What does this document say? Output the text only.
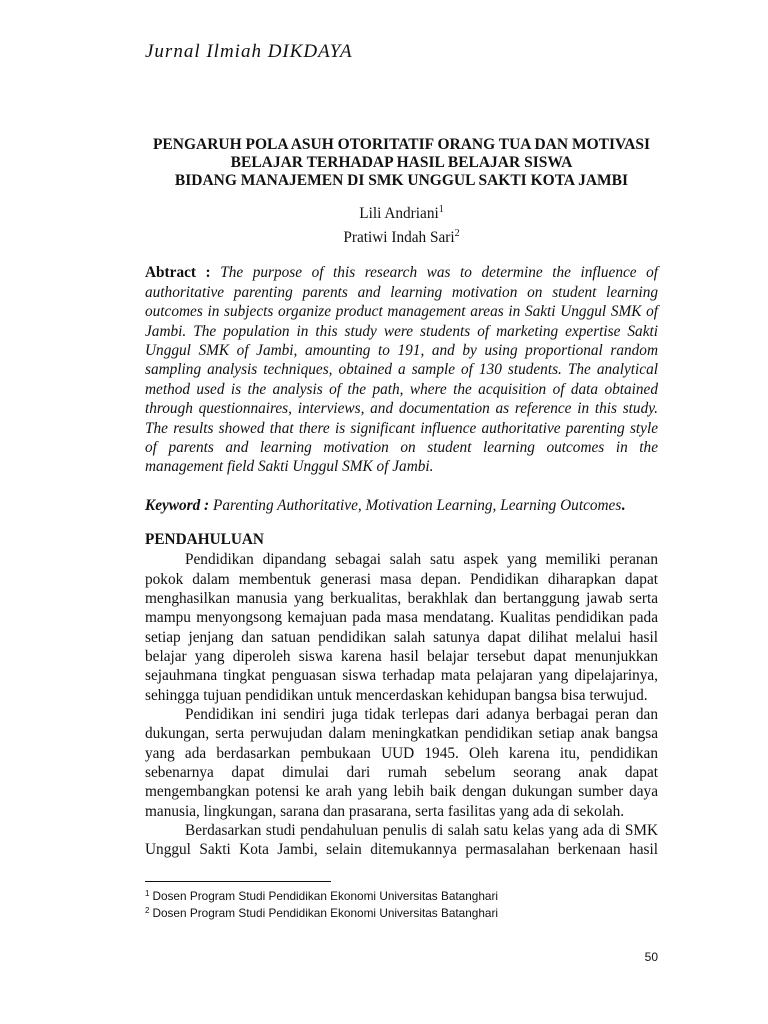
Jurnal Ilmiah DIKDAYA
PENGARUH POLA ASUH OTORITATIF ORANG TUA DAN MOTIVASI
BELAJAR TERHADAP HASIL BELAJAR SISWA
BIDANG MANAJEMEN DI SMK UNGGUL SAKTI KOTA JAMBI
Lili Andriani$^1$
Pratiwi Indah Sari$^2$
Abtract : The purpose of this research was to determine the influence of
authoritative parenting parents and learning motivation on student learning
outcomes in subjects organize product management areas in Sakti Unggul SMK of
Jambi. The population in this study were students of marketing expertise Sakti
Unggul SMK of Jambi, amounting to 191, and by using proportional random
sampling analysis techniques, obtained a sample of 130 students. The analytical
method used is the analysis of the path, where the acquisition of data obtained
through questionnaires, interviews, and documentation as reference in this study.
The results showed that there is significant influence authoritative parenting style
of parents and learning motivation on student learning outcomes in the
management field Sakti Unggul SMK of Jambi.
Keyword : Parenting Authoritative, Motivation Learning, Learning Outcomes.
PENDAHULUAN
Pendidikan dipandang sebagai salah satu aspek yang memiliki peranan
pokok dalam membentuk generasi masa depan. Pendidikan diharapkan dapat
menghasilkan manusia yang berkualitas, berakhlak dan bertanggung jawab serta
mampu menyongsong kemajuan pada masa mendatang. Kualitas pendidikan pada
setiap jenjang dan satuan pendidikan salah satunya dapat dilihat melalui hasil
belajar yang diperoleh siswa karena hasil belajar tersebut dapat menunjukkan
sejauhmana tingkat penguasan siswa terhadap mata pelajaran yang dipelajarinya,
sehingga tujuan pendidikan untuk mencerdaskan kehidupan bangsa bisa terwujud.
Pendidikan ini sendiri juga tidak terlepas dari adanya berbagai peran dan
dukungan, serta perwujudan dalam meningkatkan pendidikan setiap anak bangsa
yang ada berdasarkan pembukaan UUD 1945. Oleh karena itu, pendidikan
sebenarnya dapat dimulai dari rumah sebelum seorang anak dapat
mengembangkan potensi ke arah yang lebih baik dengan dukungan sumber daya
manusia, lingkungan, sarana dan prasarana, serta fasilitas yang ada di sekolah.
Berdasarkan studi pendahuluan penulis di salah satu kelas yang ada di SMK
Unggul Sakti Kota Jambi, selain ditemukannya permasalahan berkenaan hasil
$^1$ Dosen Program Studi Pendidikan Ekonomi Universitas Batanghari
$^2$ Dosen Program Studi Pendidikan Ekonomi Universitas Batanghari
50
